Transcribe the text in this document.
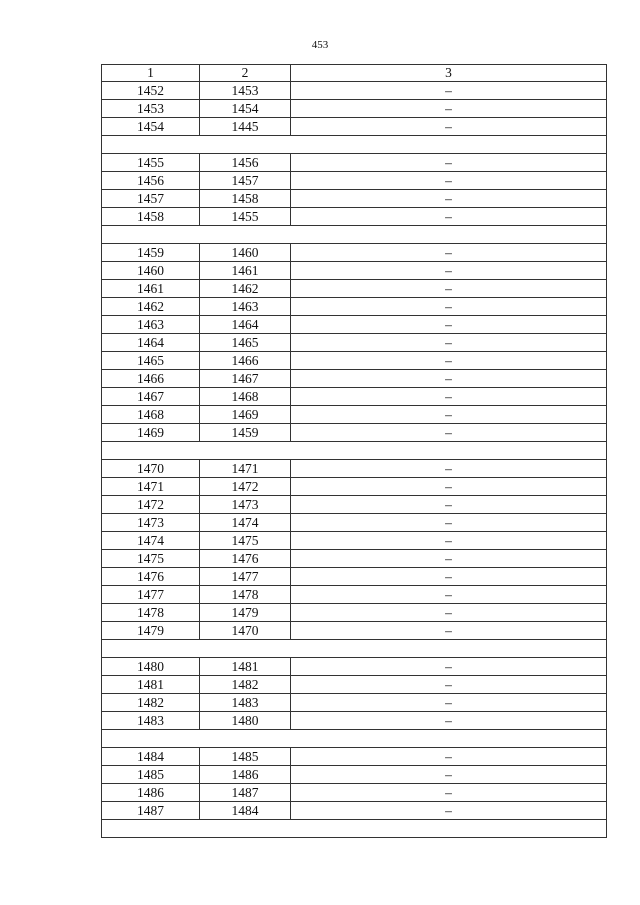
453
1	2	3
1452	1453	–
1453	1454	–
1454	1445	–

1455	1456	–
1456	1457	–
1457	1458	–
1458	1455	–

1459	1460	–
1460	1461	–
1461	1462	–
1462	1463	–
1463	1464	–
1464	1465	–
1465	1466	–
1466	1467	–
1467	1468	–
1468	1469	–
1469	1459	–

1470	1471	–
1471	1472	–
1472	1473	–
1473	1474	–
1474	1475	–
1475	1476	–
1476	1477	–
1477	1478	–
1478	1479	–
1479	1470	–

1480	1481	–
1481	1482	–
1482	1483	–
1483	1480	–

1484	1485	–
1485	1486	–
1486	1487	–
1487	1484	–
